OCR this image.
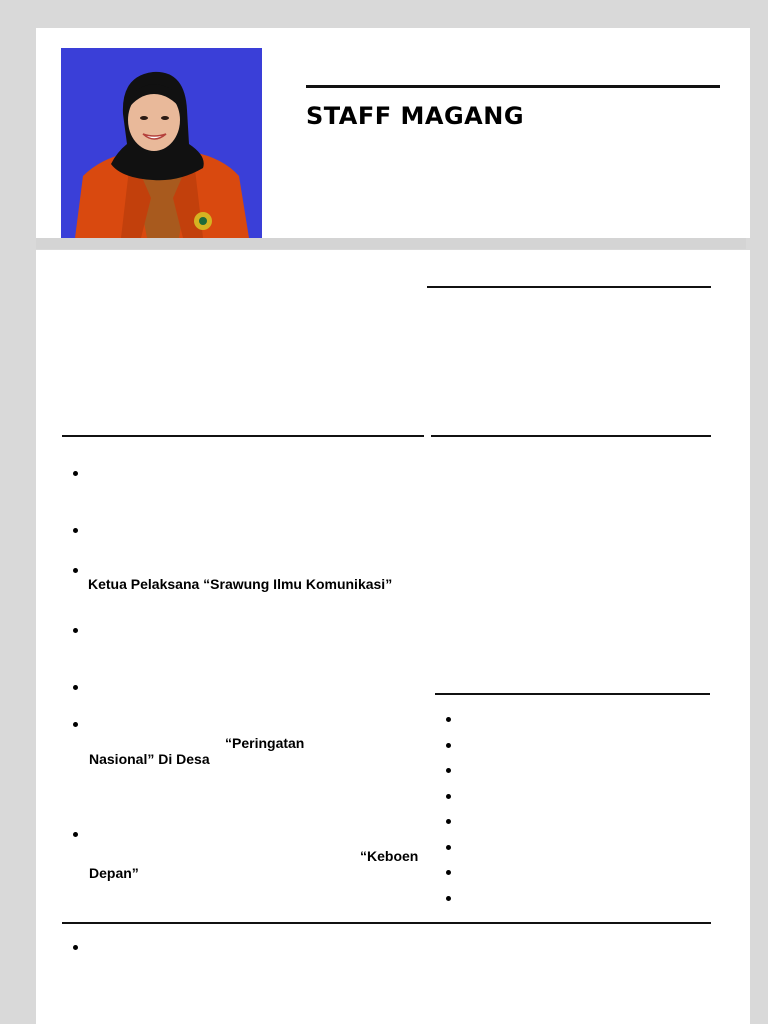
STAFF MAGANG
Ketua Pelaksana “Srawung Ilmu Komunikasi”
“Peringatan
Nasional” Di Desa
“Keboen
Depan”
